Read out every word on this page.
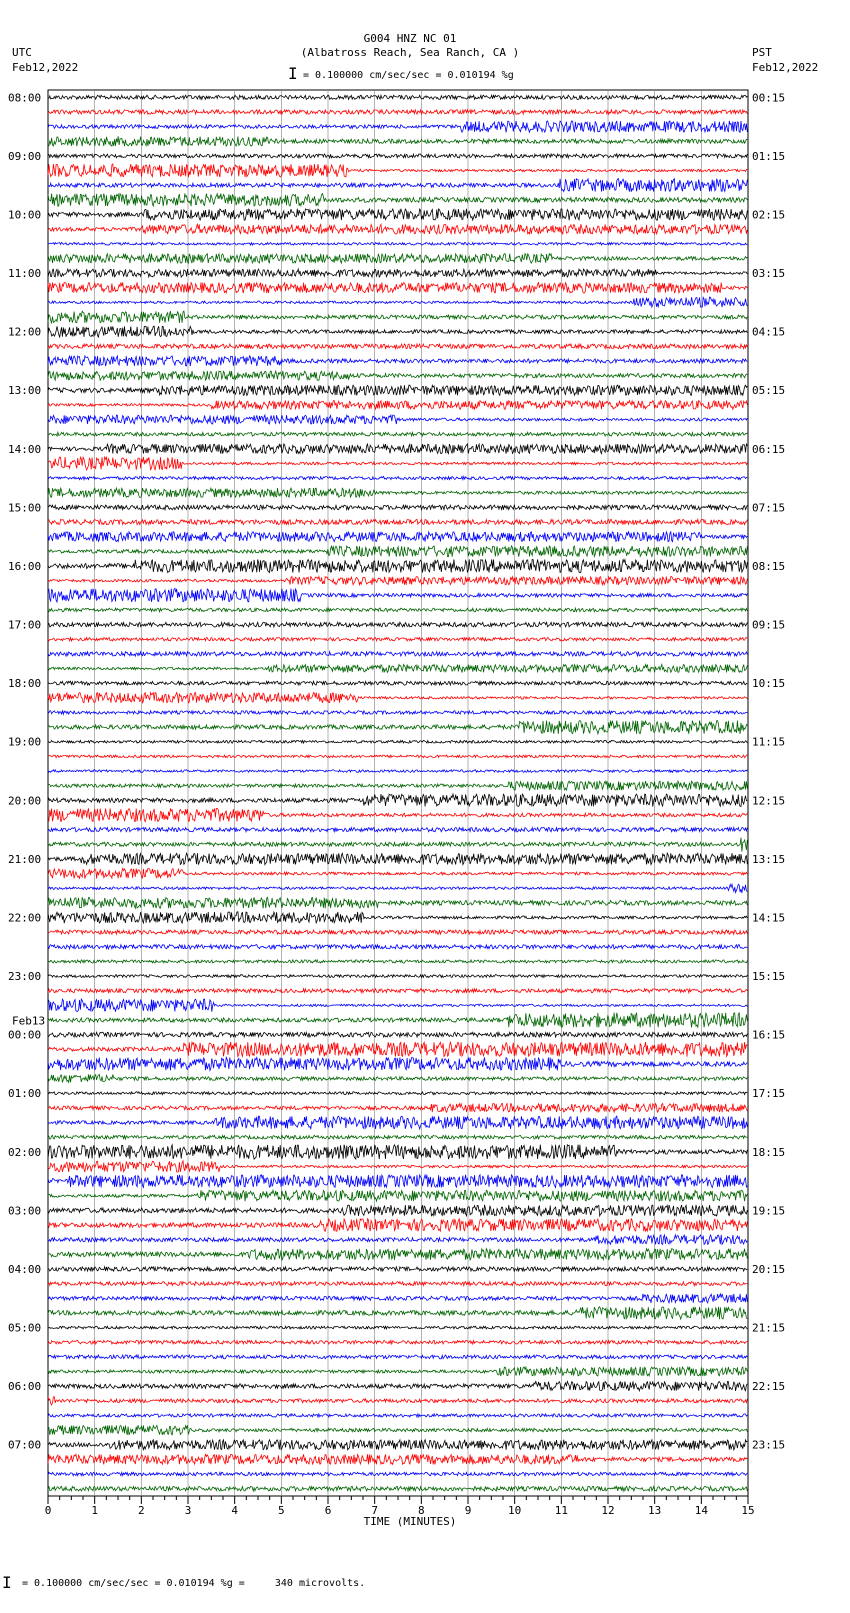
G004 HNZ NC 01
(Albatross Reach, Sea Ranch, CA )
UTC
Feb12,2022
PST
Feb12,2022
I = 0.100000 cm/sec/sec = 0.010194 %g
08:00	00:15
09:00	01:15
10:00	02:15
11:00	03:15
12:00	04:15
13:00	05:15
14:00	06:15
15:00	07:15
16:00	08:15
17:00	09:15
18:00	10:15
19:00	11:15
20:00	12:15
21:00	13:15
22:00	14:15
23:00	15:15
00:00	16:15
Feb13
01:00	17:15
02:00	18:15
03:00	19:15
04:00	20:15
05:00	21:15
06:00	22:15
07:00	23:15
0	1	2	3	4	5	6	7	8	9	10	11	12	13	14	15
TIME (MINUTES)
I = 0.100000 cm/sec/sec = 0.010194 %g =     340 microvolts.
